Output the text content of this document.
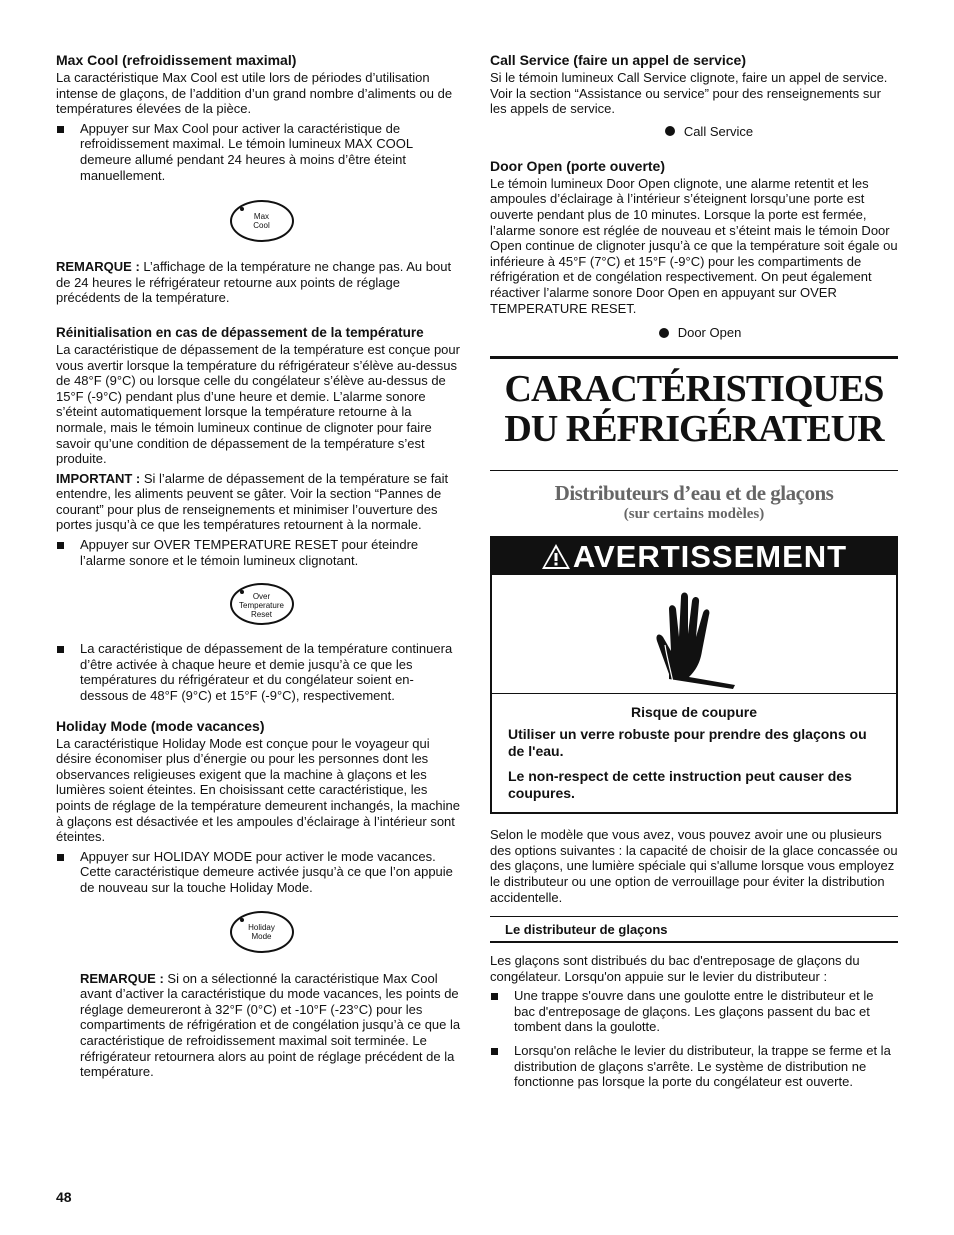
Max Cool (refroidissement maximal)

La caractéristique Max Cool est utile lors de périodes d’utilisation intense de glaçons, de l’addition d’un grand nombre d’aliments ou de températures élevées de la pièce.

Appuyer sur Max Cool pour activer la caractéristique de refroidissement maximal. Le témoin lumineux MAX COOL demeure allumé pendant 24 heures à moins d’être éteint manuellement.
Max
Cool

REMARQUE : L’affichage de la température ne change pas. Au bout de 24 heures le réfrigérateur retourne aux points de réglage précédents de la température.

Réinitialisation en cas de dépassement de la température

La caractéristique de dépassement de la température est conçue pour vous avertir lorsque la température du réfrigérateur s’élève au-dessus de 48°F (9°C) ou lorsque celle du congélateur s’élève au-dessus de 15°F (-9°C) pendant plus d’une heure et demie. L’alarme sonore s’éteint automatiquement lorsque la température retourne à la normale, mais le témoin lumineux continue de clignoter pour faire savoir qu’une condition de dépassement de la température s’est produite.

IMPORTANT : Si l’alarme de dépassement de la température se fait entendre, les aliments peuvent se gâter. Voir la section “Pannes de courant” pour plus de renseignements et minimiser l’ouverture des portes jusqu’à ce que les températures retournent à la normale.

Appuyer sur OVER TEMPERATURE RESET pour éteindre l’alarme sonore et le témoin lumineux clignotant.
Over
Temperature
Reset
La caractéristique de dépassement de la température continuera d’être activée à chaque heure et demie jusqu’à ce que les températures du réfrigérateur et du congélateur soient en-dessous de 48°F (9°C) et 15°F (-9°C), respectivement.
Holiday Mode (mode vacances)

La caractéristique Holiday Mode est conçue pour le voyageur qui désire économiser plus d’énergie ou pour les personnes dont les observances religieuses exigent que la machine à glaçons et les lumières soient éteintes. En choisissant cette caractéristique, les points de réglage de la température demeurent inchangés, la machine à glaçons est désactivée et les ampoules d’éclairage à l’intérieur sont éteintes.

Appuyer sur HOLIDAY MODE pour activer le mode vacances. Cette caractéristique demeure activée jusqu’à ce que l’on appuie de nouveau sur la touche Holiday Mode.
Holiday
Mode

REMARQUE : Si on a sélectionné la caractéristique Max Cool avant d’activer la caractéristique du mode vacances, les points de réglage demeureront à 32°F (0°C) et -10°F (-23°C) pour les compartiments de réfrigération et de congélation jusqu’à ce que la caractéristique de refroidissement maximal soit terminée. Le réfrigérateur retournera alors au point de réglage précédent de la température.

Call Service (faire un appel de service)

Si le témoin lumineux Call Service clignote, faire un appel de service. Voir la section “Assistance ou service” pour des renseignements sur les appels de service.

Call Service
Door Open (porte ouverte)

Le témoin lumineux Door Open clignote, une alarme retentit et les ampoules d’éclairage à l’intérieur s’éteignent lorsqu’une porte est ouverte pendant plus de 10 minutes. Lorsque la porte est fermée, l’alarme sonore est réglée de nouveau et s’éteint mais le témoin Door Open continue de clignoter jusqu’à ce que la température soit égale ou inférieure à 45°F (7°C) et 15°F (-9°C) pour les compartiments de réfrigération et de congélation respectivement. On peut également réactiver l’alarme sonore Door Open en appuyant sur OVER TEMPERATURE RESET.

Door Open
CARACTÉRISTIQUES
DU RÉFRIGÉRATEUR
Distributeurs d’eau et de glaçons
(sur certains modèles)
AVERTISSEMENT
Risque de coupure
Utiliser un verre robuste pour prendre des glaçons ou de l'eau.
Le non-respect de cette instruction peut causer des coupures.

Selon le modèle que vous avez, vous pouvez avoir une ou plusieurs des options suivantes : la capacité de choisir de la glace concassée ou des glaçons, une lumière spéciale qui s'allume lorsque vous employez le distributeur ou une option de verrouillage pour éviter la distribution accidentelle.

Le distributeur de glaçons

Les glaçons sont distribués du bac d'entreposage de glaçons du congélateur. Lorsqu'on appuie sur le levier du distributeur :

Une trappe s'ouvre dans une goulotte entre le distributeur et le bac d'entreposage de glaçons. Les glaçons passent du bac et tombent dans la goulotte.
Lorsqu'on relâche le levier du distributeur, la trappe se ferme et la distribution de glaçons s'arrête. Le système de distribution ne fonctionne pas lorsque la porte du congélateur est ouverte.
48
